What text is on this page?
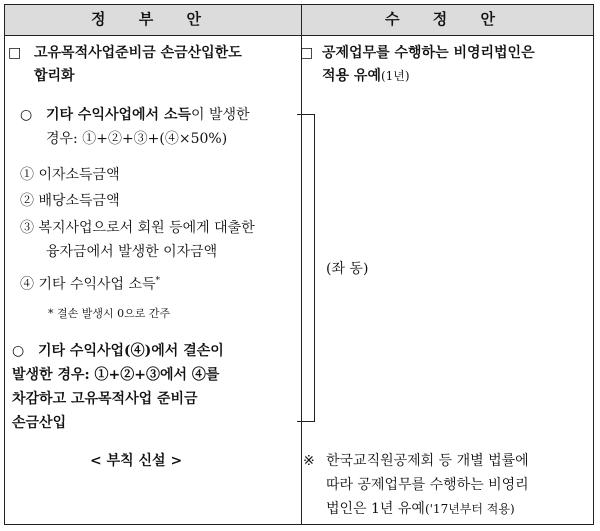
정 부 안	수 정 안
□ 고유목적사업준비금 손금산입한도
합리화
○ 기타 수익사업에서 소득이 발생한
경우: ①+②+③+(④×50%)
① 이자소득금액
② 배당소득금액
③ 복지사업으로서 회원 등에게 대출한
융자금에서 발생한 이자금액
④ 기타 수익사업 소득*
* 결손 발생시 0으로 간주
○ 기타 수익사업(④)에서 결손이
발생한 경우: ①+②+③에서 ④를
차감하고 고유목적사업 준비금
손금산입
< 부칙 신설 >
□ 공제업무를 수행하는 비영리법인은
적용 유예(1년)
(좌 동)
※ 한국교직원공제회 등 개별 법률에
따라 공제업무를 수행하는 비영리
법인은 1년 유예('17년부터 적용)
